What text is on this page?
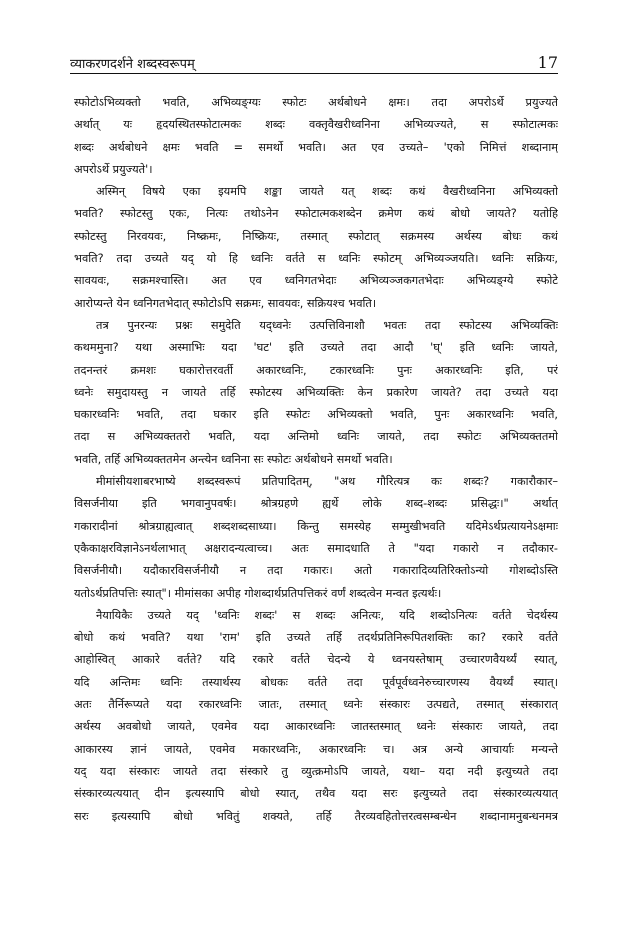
व्याकरणदर्शने शब्दस्वरूपम्	17
स्फोटोऽभिव्यक्तो भवति, अभिव्यङ्ग्यः स्फोटः अर्थबोधने क्षमः। तदा अपरोऽर्थे प्रयुज्यते
अर्थात् यः हृदयस्थितस्फोटात्मकः शब्दः वक्तृवैखरीध्वनिना अभिव्यज्यते, स स्फोटात्मकः
शब्दः अर्थबोधने क्षमः भवति = समर्थो भवति। अत एव उच्यते– 'एको निमित्तं शब्दानाम्
अपरोऽर्थे प्रयुज्यते'।
अस्मिन् विषये एका इयमपि शङ्का जायते यत् शब्दः कथं वैखरीध्वनिना अभिव्यक्तो
भवति? स्फोटस्तु एकः, नित्यः तथोऽनेन स्फोटात्मकशब्देन क्रमेण कथं बोधो जायते? यतोहि
स्फोटस्तु निरवयवः, निष्क्रमः, निष्क्रियः, तस्मात् स्फोटात् सक्रमस्य अर्थस्य बोधः कथं
भवति? तदा उच्यते यद् यो हि ध्वनिः वर्तते स ध्वनिः स्फोटम् अभिव्यञ्जयति। ध्वनिः सक्रियः,
सावयवः, सक्रमश्चास्ति। अत एव ध्वनिगतभेदाः अभिव्यञ्जकगतभेदाः अभिव्यङ्ग्ये स्फोटे
आरोप्यन्ते येन ध्वनिगतभेदात् स्फोटोऽपि सक्रमः, सावयवः, सक्रियश्च भवति।
तत्र पुनरन्यः प्रश्नः समुदेति यद्ध्वनेः उत्पत्तिविनाशौ भवतः तदा स्फोटस्य अभिव्यक्तिः
कथममुना? यथा अस्माभिः यदा 'घट' इति उच्यते तदा आदौ 'घ्' इति ध्वनिः जायते,
तदनन्तरं क्रमशः घकारोत्तरवर्ती अकारध्वनिः, टकारध्वनिः पुनः अकारध्वनिः इति, परं
ध्वनेः समुदायस्तु न जायते तर्हि स्फोटस्य अभिव्यक्तिः केन प्रकारेण जायते? तदा उच्यते यदा
घकारध्वनिः भवति, तदा घकार इति स्फोटः अभिव्यक्तो भवति, पुनः अकारध्वनिः भवति,
तदा स अभिव्यक्ततरो भवति, यदा अन्तिमो ध्वनिः जायते, तदा स्फोटः अभिव्यक्ततमो
भवति, तर्हि अभिव्यक्ततमेन अन्त्येन ध्वनिना सः स्फोटः अर्थबोधने समर्थो भवति।
मीमांसीयशाबरभाष्ये शब्दस्वरूपं प्रतिपादितम्, "अथ गौरित्यत्र कः शब्दः? गकारौकार–
विसर्जनीया इति भगवानुपवर्षः। श्रोत्रग्रहणे ह्यर्थे लोके शब्द-शब्दः प्रसिद्धः।" अर्थात्
गकारादीनां श्रोत्रग्राह्यत्वात् शब्दशब्दसाध्या। किन्तु समस्येह सम्मुखीभवति यदिमेऽर्थप्रत्यायनेऽक्षमाः
एकैकाक्षरविज्ञानेऽनर्थलाभात् अक्षरादन्यत्वाच्च। अतः समादधाति ते "यदा गकारो न तदौकार-
विसर्जनीयौ। यदौकारविसर्जनीयौ न तदा गकारः। अतो गकारादिव्यतिरिक्तोऽन्यो गोशब्दोऽस्ति
यतोऽर्थप्रतिपत्तिः स्यात्"। मीमांसका अपीह गोशब्दार्थप्रतिपत्तिकरं वर्णं शब्दत्वेन मन्वत इत्यर्थः।
नैयायिकैः उच्यते यद् 'ध्वनिः शब्दः' स शब्दः अनित्यः, यदि शब्दोऽनित्यः वर्तते चेदर्थस्य
बोधो कथं भवति? यथा 'राम' इति उच्यते तर्हि तदर्थप्रतिनिरूपितशक्तिः का? रकारे वर्तते
आहोस्वित् आकारे वर्तते? यदि रकारे वर्तते चेदन्ये ये ध्वनयस्तेषाम् उच्चारणवैयर्थ्यं स्यात्,
यदि अन्तिमः ध्वनिः तस्यार्थस्य बोधकः वर्तते तदा पूर्वपूर्वध्वनेरुच्चारणस्य वैयर्थ्यं स्यात्।
अतः तैर्निरूप्यते यदा रकारध्वनिः जातः, तस्मात् ध्वनेः संस्कारः उत्पद्यते, तस्मात् संस्कारात्
अर्थस्य अवबोधो जायते, एवमेव यदा आकारध्वनिः जातस्तस्मात् ध्वनेः संस्कारः जायते, तदा
आकारस्य ज्ञानं जायते, एवमेव मकारध्वनिः, अकारध्वनिः च। अत्र अन्ये आचार्याः मन्यन्ते
यद् यदा संस्कारः जायते तदा संस्कारे तु व्युत्क्रमोऽपि जायते, यथा– यदा नदी इत्युच्यते तदा
संस्कारव्यत्ययात् दीन इत्यस्यापि बोधो स्यात्, तथैव यदा सरः इत्युच्यते तदा संस्कारव्यत्ययात्
सरः इत्यस्यापि बोधो भवितुं शक्यते, तर्हि तैरव्यवहितोत्तरत्वसम्बन्धेन शब्दानामनुबन्धनमत्र
